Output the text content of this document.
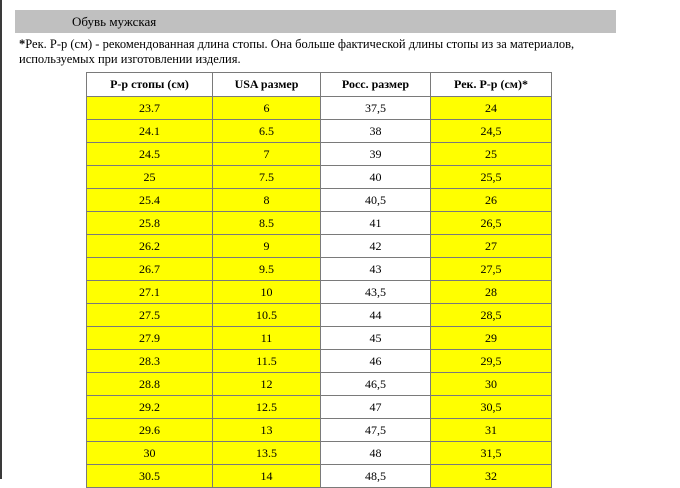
Обувь мужская
*Рек. Р-р (см) - рекомендованная длина стопы. Она больше фактической длины стопы из за материалов, используемых при изготовлении изделия.
Р-р стопы (см)	USA размер	Росс. размер	Рек. Р-р (см)*
23.7	6	37,5	24
24.1	6.5	38	24,5
24.5	7	39	25
25	7.5	40	25,5
25.4	8	40,5	26
25.8	8.5	41	26,5
26.2	9	42	27
26.7	9.5	43	27,5
27.1	10	43,5	28
27.5	10.5	44	28,5
27.9	11	45	29
28.3	11.5	46	29,5
28.8	12	46,5	30
29.2	12.5	47	30,5
29.6	13	47,5	31
30	13.5	48	31,5
30.5	14	48,5	32
